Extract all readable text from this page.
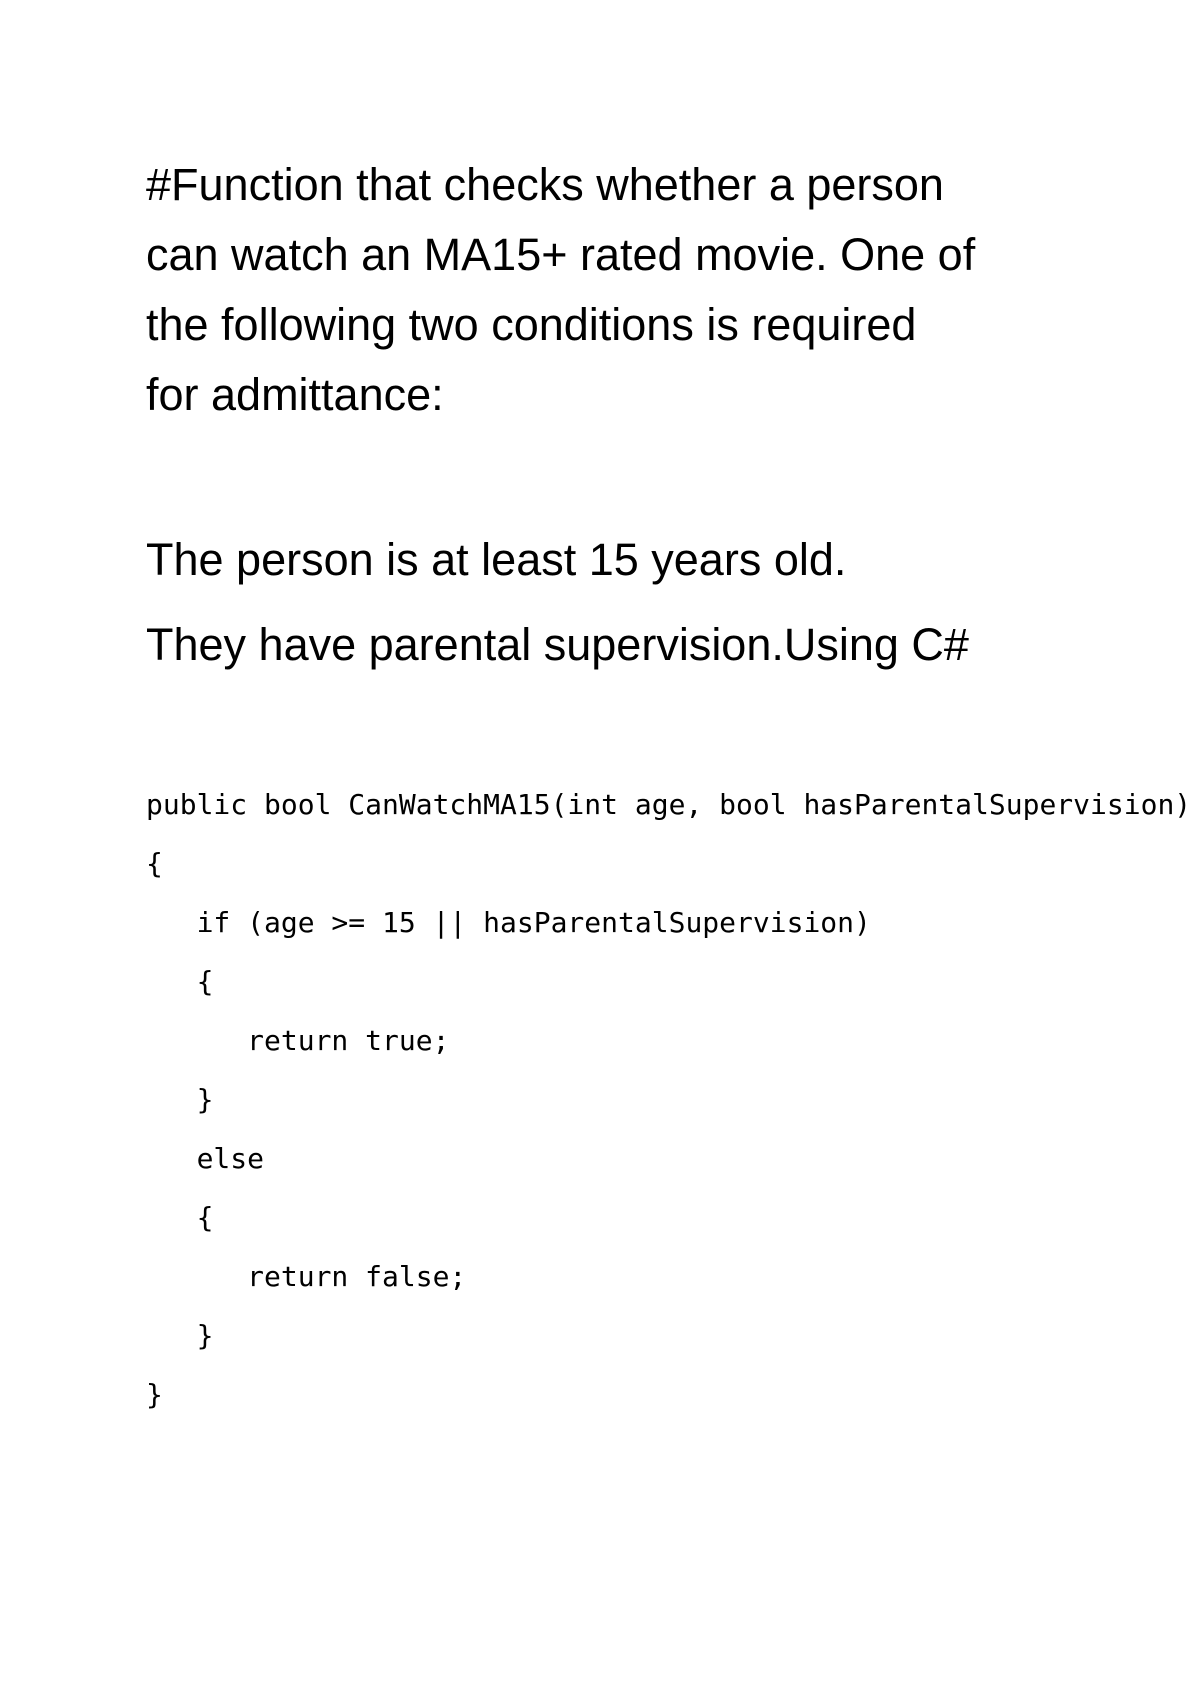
#Function that checks whether a person
can watch an MA15+ rated movie. One of
the following two conditions is required
for admittance:

The person is at least 15 years old.

They have parental supervision.Using C#

public bool CanWatchMA15(int age, bool hasParentalSupervision)
{
if (age >= 15 || hasParentalSupervision)
{
return true;
}
else
{
return false;
}
}
